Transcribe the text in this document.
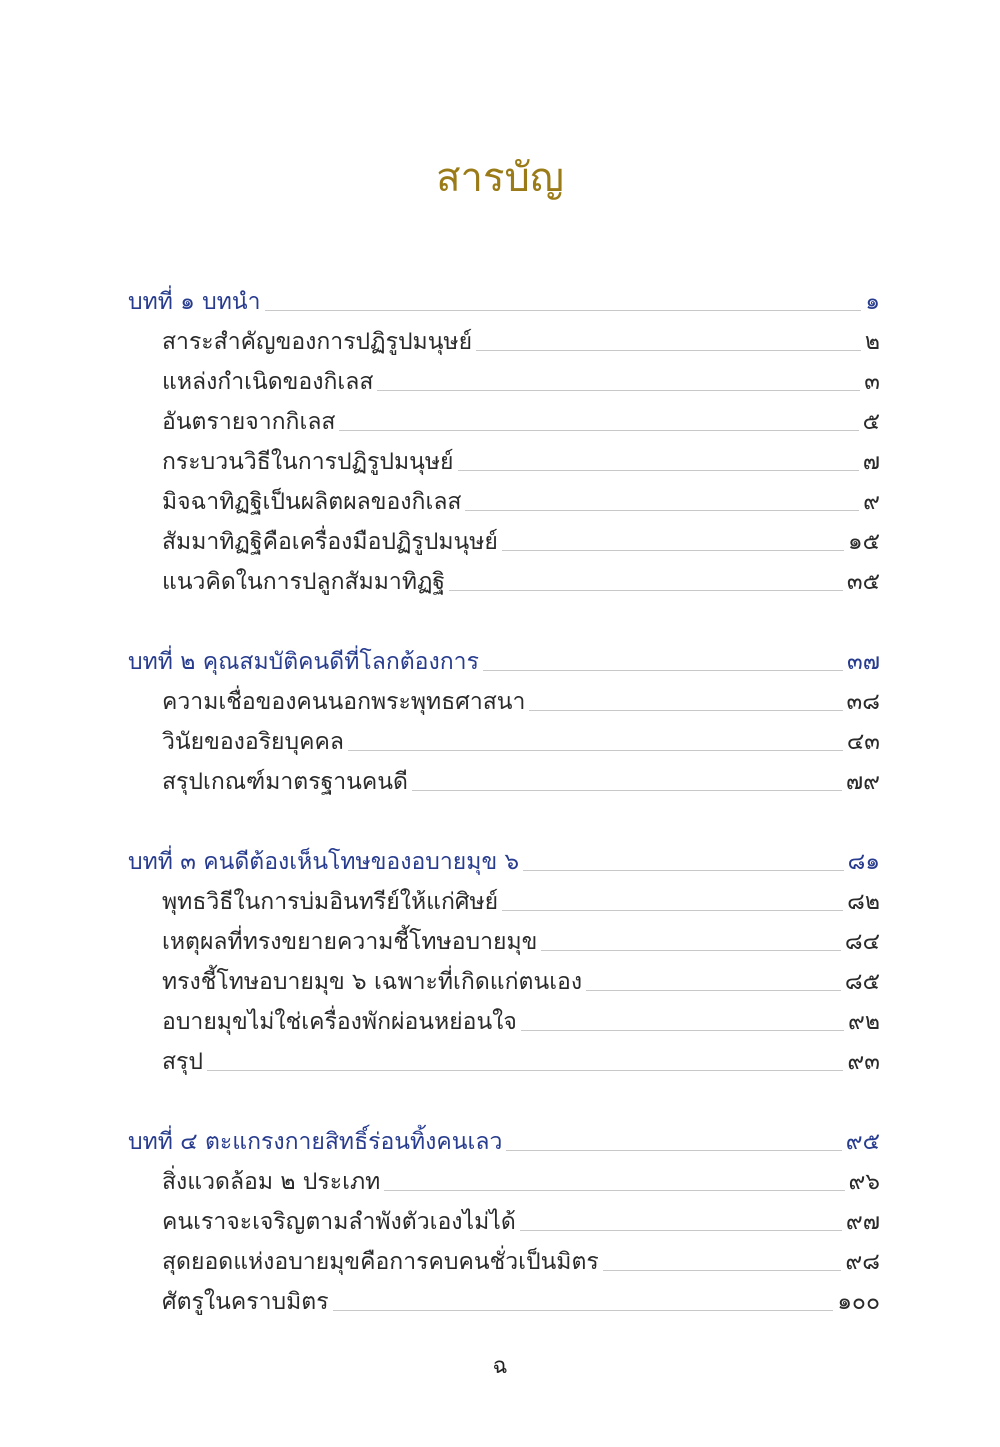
สารบัญ
บทที่ ๑ บทนำ	๑
สาระสำคัญของการปฏิรูปมนุษย์	๒
แหล่งกำเนิดของกิเลส	๓
อันตรายจากกิเลส	๕
กระบวนวิธีในการปฏิรูปมนุษย์	๗
มิจฉาทิฏฐิเป็นผลิตผลของกิเลส	๙
สัมมาทิฏฐิคือเครื่องมือปฏิรูปมนุษย์	๑๕
แนวคิดในการปลูกสัมมาทิฏฐิ	๓๕
บทที่ ๒ คุณสมบัติคนดีที่โลกต้องการ	๓๗
ความเชื่อของคนนอกพระพุทธศาสนา	๓๘
วินัยของอริยบุคคล	๔๓
สรุปเกณฑ์มาตรฐานคนดี	๗๙
บทที่ ๓ คนดีต้องเห็นโทษของอบายมุข ๖	๘๑
พุทธวิธีในการบ่มอินทรีย์ให้แก่ศิษย์	๘๒
เหตุผลที่ทรงขยายความชี้โทษอบายมุข	๘๔
ทรงชี้โทษอบายมุข ๖ เฉพาะที่เกิดแก่ตนเอง	๘๕
อบายมุขไม่ใช่เครื่องพักผ่อนหย่อนใจ	๙๒
สรุป	๙๓
บทที่ ๔ ตะแกรงกายสิทธิ์ร่อนทิ้งคนเลว	๙๕
สิ่งแวดล้อม ๒ ประเภท	๙๖
คนเราจะเจริญตามลำพังตัวเองไม่ได้	๙๗
สุดยอดแห่งอบายมุขคือการคบคนชั่วเป็นมิตร	๙๘
ศัตรูในคราบมิตร	๑๐๐
ฉ
